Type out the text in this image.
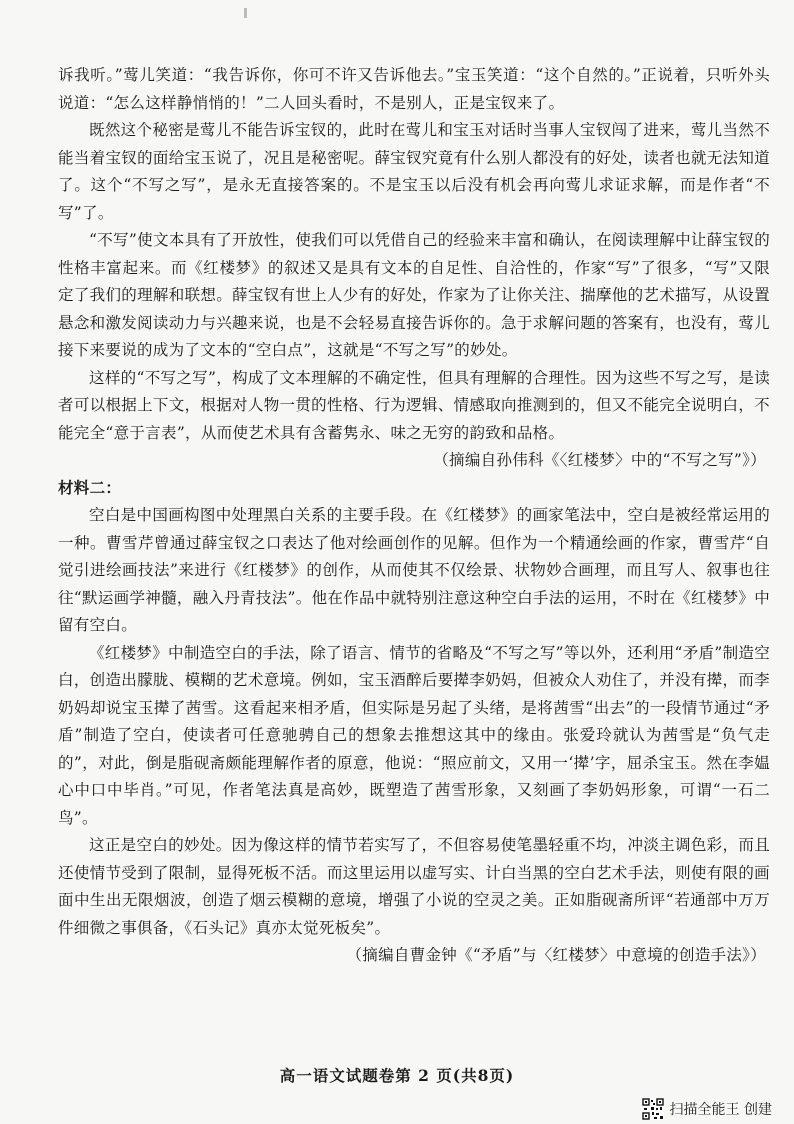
诉我听。”莺儿笑道：“我告诉你，你可不许又告诉他去。”宝玉笑道：“这个自然的。”正说着，只听外头说道：“怎么这样静悄悄的！”二人回头看时，不是别人，正是宝钗来了。

既然这个秘密是莺儿不能告诉宝钗的，此时在莺儿和宝玉对话时当事人宝钗闯了进来，莺儿当然不能当着宝钗的面给宝玉说了，况且是秘密呢。薛宝钗究竟有什么别人都没有的好处，读者也就无法知道了。这个“不写之写”，是永无直接答案的。不是宝玉以后没有机会再向莺儿求证求解，而是作者“不写”了。

“不写”使文本具有了开放性，使我们可以凭借自己的经验来丰富和确认，在阅读理解中让薛宝钗的性格丰富起来。而《红楼梦》的叙述又是具有文本的自足性、自洽性的，作家“写”了很多，“写”又限定了我们的理解和联想。薛宝钗有世上人少有的好处，作家为了让你关注、揣摩他的艺术描写，从设置悬念和激发阅读动力与兴趣来说，也是不会轻易直接告诉你的。急于求解问题的答案有，也没有，莺儿接下来要说的成为了文本的“空白点”，这就是“不写之写”的妙处。

这样的“不写之写”，构成了文本理解的不确定性，但具有理解的合理性。因为这些不写之写，是读者可以根据上下文，根据对人物一贯的性格、行为逻辑、情感取向推测到的，但又不能完全说明白，不能完全“意于言表”，从而使艺术具有含蓄隽永、味之无穷的韵致和品格。

（摘编自孙伟科《〈红楼梦〉中的“不写之写”》）

材料二：

空白是中国画构图中处理黑白关系的主要手段。在《红楼梦》的画家笔法中，空白是被经常运用的一种。曹雪芹曾通过薛宝钗之口表达了他对绘画创作的见解。但作为一个精通绘画的作家，曹雪芹“自觉引进绘画技法”来进行《红楼梦》的创作，从而使其不仅绘景、状物妙合画理，而且写人、叙事也往往“默运画学神髓，融入丹青技法”。他在作品中就特别注意这种空白手法的运用，不时在《红楼梦》中留有空白。

《红楼梦》中制造空白的手法，除了语言、情节的省略及“不写之写”等以外，还利用“矛盾”制造空白，创造出朦胧、模糊的艺术意境。例如，宝玉酒醉后要撵李奶妈，但被众人劝住了，并没有撵，而李奶妈却说宝玉撵了茜雪。这看起来相矛盾，但实际是另起了头绪，是将茜雪“出去”的一段情节通过“矛盾”制造了空白，使读者可任意驰骋自己的想象去推想这其中的缘由。张爱玲就认为茜雪是“负气走的”，对此，倒是脂砚斋颇能理解作者的原意，他说：“照应前文，又用一‘撵’字，屈杀宝玉。然在李媪心中口中毕肖。”可见，作者笔法真是高妙，既塑造了茜雪形象，又刻画了李奶妈形象，可谓“一石二鸟”。

这正是空白的妙处。因为像这样的情节若实写了，不但容易使笔墨轻重不均，冲淡主调色彩，而且还使情节受到了限制，显得死板不活。而这里运用以虚写实、计白当黑的空白艺术手法，则使有限的画面中生出无限烟波，创造了烟云模糊的意境，增强了小说的空灵之美。正如脂砚斋所评“若通部中万万件细微之事俱备，《石头记》真亦太觉死板矣”。

（摘编自曹金钟《“矛盾”与〈红楼梦〉中意境的创造手法》）

高一语文试题卷第 2 页(共8页)
扫描全能王 创建
